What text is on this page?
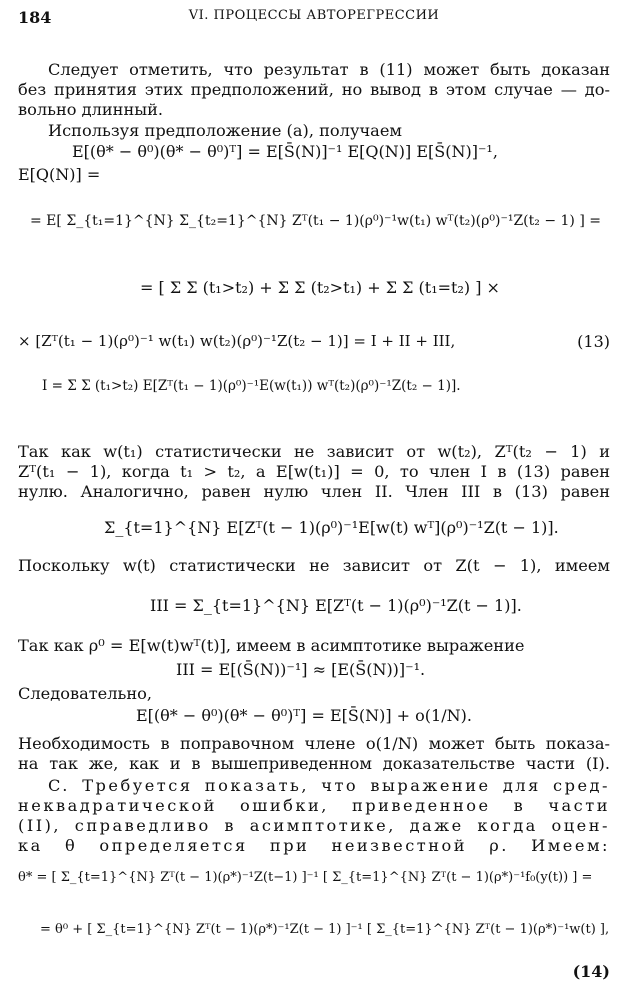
184	VI. ПРОЦЕССЫ АВТОРЕГРЕССИИ
Следует отметить, что результат в (11) может быть доказан
без принятия этих предположений, но вывод в этом случае — до-
вольно длинный.
Используя предположение (а), получаем
E[(θ* − θ⁰)(θ* − θ⁰)ᵀ] = E[S̄(N)]⁻¹ E[Q(N)] E[S̄(N)]⁻¹,
E[Q(N)] =
= E[ Σ_{t₁=1}^{N} Σ_{t₂=1}^{N} Zᵀ(t₁ − 1)(ρ⁰)⁻¹w(t₁) wᵀ(t₂)(ρ⁰)⁻¹Z(t₂ − 1) ] =
= [ Σ Σ (t₁>t₂) + Σ Σ (t₂>t₁) + Σ Σ (t₁=t₂) ] ×
× [Zᵀ(t₁ − 1)(ρ⁰)⁻¹ w(t₁) w(t₂)(ρ⁰)⁻¹Z(t₂ − 1)] = I + II + III,	(13)
I = Σ Σ (t₁>t₂) E[Zᵀ(t₁ − 1)(ρ⁰)⁻¹E(w(t₁)) wᵀ(t₂)(ρ⁰)⁻¹Z(t₂ − 1)].
Так как w(t₁) статистически не зависит от w(t₂), Zᵀ(t₂ − 1) и
Zᵀ(t₁ − 1), когда t₁ > t₂, а E[w(t₁)] = 0, то член I в (13) равен
нулю. Аналогично, равен нулю член II. Член III в (13) равен
Σ_{t=1}^{N} E[Zᵀ(t − 1)(ρ⁰)⁻¹E[w(t) wᵀ](ρ⁰)⁻¹Z(t − 1)].
Поскольку w(t) статистически не зависит от Z(t − 1), имеем
III = Σ_{t=1}^{N} E[Zᵀ(t − 1)(ρ⁰)⁻¹Z(t − 1)].
Так как ρ⁰ = E[w(t)wᵀ(t)], имеем в асимптотике выражение
III = E[(S̄(N))⁻¹] ≈ [E(S̄(N))]⁻¹.
Следовательно,
E[(θ* − θ⁰)(θ* − θ⁰)ᵀ] = E[S̄(N)] + o(1/N).
Необходимость в поправочном члене o(1/N) может быть показа-
на так же, как и в вышеприведенном доказательстве части (I).
C. Требуется показать, что выражение для сред-
неквадратической ошибки, приведенное в части
(II), справедливо в асимптотике, даже когда оцен-
ка θ определяется при неизвестной ρ. Имеем:
θ* = [ Σ_{t=1}^{N} Zᵀ(t − 1)(ρ*)⁻¹Z(t−1) ]⁻¹ [ Σ_{t=1}^{N} Zᵀ(t − 1)(ρ*)⁻¹f₀(y(t)) ] =
= θ⁰ + [ Σ_{t=1}^{N} Zᵀ(t − 1)(ρ*)⁻¹Z(t − 1) ]⁻¹ [ Σ_{t=1}^{N} Zᵀ(t − 1)(ρ*)⁻¹w(t) ],
(14)
